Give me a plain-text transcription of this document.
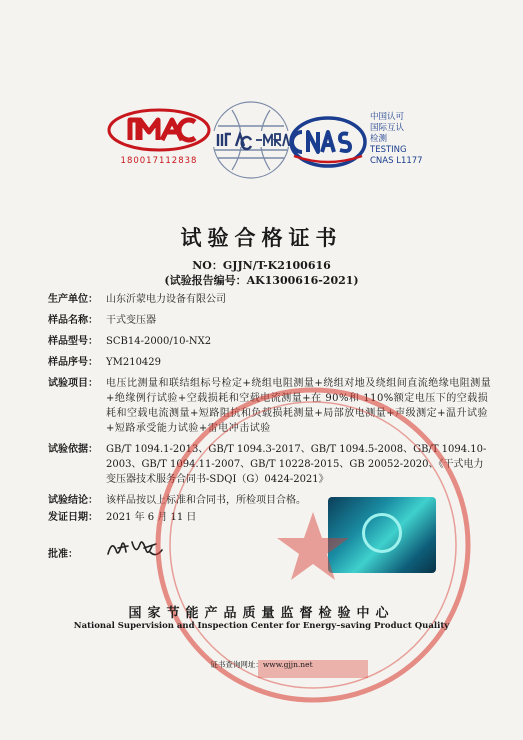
180017112838
中国认可
国际互认
检测
TESTING
CNAS L1177
试验合格证书
NO：GJJN/T-K2100616
(试验报告编号：AK1300616-2021)
生产单位： 山东沂蒙电力设备有限公司
样品名称： 干式变压器
样品型号： SCB14-2000/10-NX2
样品序号： YM210429
试验项目： 电压比测量和联结组标号检定+绕组电阻测量+绕组对地及绕组间直流绝缘电阻测量+绝缘例行试验+空载损耗和空载电流测量+在 90%和 110%额定电压下的空载损耗和空载电流测量+短路阻抗和负载损耗测量+局部放电测量+声级测定+温升试验+短路承受能力试验+雷电冲击试验
试验依据： GB/T 1094.1-2013、GB/T 1094.3-2017、GB/T 1094.5-2008、GB/T 1094.10-2003、GB/T 1094.11-2007、GB/T 10228-2015、GB 20052-2020、《干式电力变压器技术服务合同书-SDQI（G）0424-2021》
试验结论： 该样品按以上标准和合同书，所检项目合格。
发证日期： 2021 年 6 月 11 日
批准：
国家节能产品质量监督检验中心
National Supervision and Inspection Center for Energy–saving Product Quality
证书查询网址：www.gjjn.net
